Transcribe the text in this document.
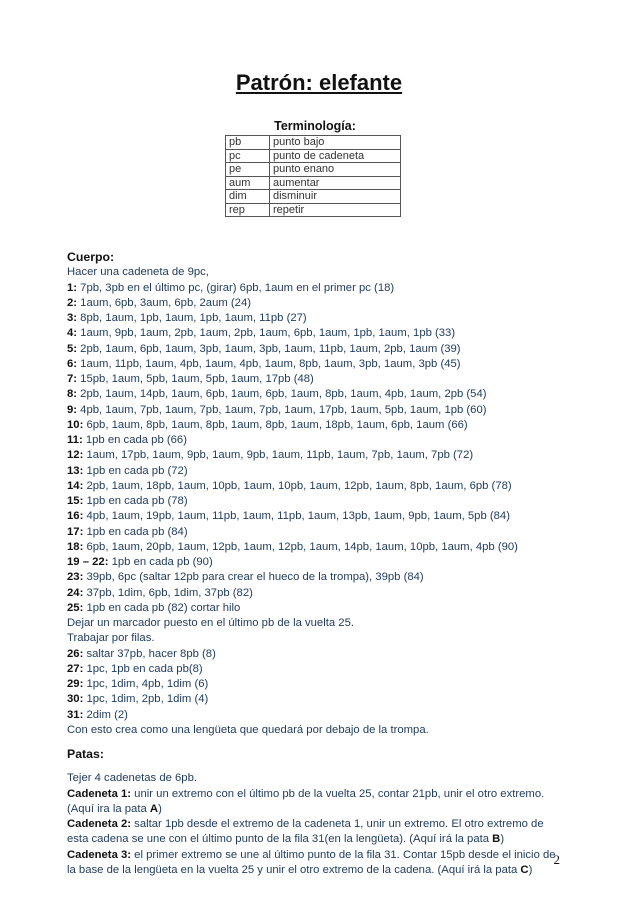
Patrón: elefante
Terminología:
pb	punto bajo
pc	punto de cadeneta
pe	punto enano
aum	aumentar
dim	disminuir
rep	repetir
Cuerpo:
Hacer una cadeneta de 9pc,
1: 7pb, 3pb en el último pc, (girar) 6pb, 1aum en el primer pc (18)
2: 1aum, 6pb, 3aum, 6pb, 2aum (24)
3: 8pb, 1aum, 1pb, 1aum, 1pb, 1aum, 11pb (27)
4: 1aum, 9pb, 1aum, 2pb, 1aum, 2pb, 1aum, 6pb, 1aum, 1pb, 1aum, 1pb (33)
5: 2pb, 1aum, 6pb, 1aum, 3pb, 1aum, 3pb, 1aum, 11pb, 1aum, 2pb, 1aum (39)
6: 1aum, 11pb, 1aum, 4pb, 1aum, 4pb, 1aum, 8pb, 1aum, 3pb, 1aum, 3pb (45)
7: 15pb, 1aum, 5pb, 1aum, 5pb, 1aum, 17pb (48)
8: 2pb, 1aum, 14pb, 1aum, 6pb, 1aum, 6pb, 1aum, 8pb, 1aum, 4pb, 1aum, 2pb (54)
9: 4pb, 1aum, 7pb, 1aum, 7pb, 1aum, 7pb, 1aum, 17pb, 1aum, 5pb, 1aum, 1pb (60)
10: 6pb, 1aum, 8pb, 1aum, 8pb, 1aum, 8pb, 1aum, 18pb, 1aum, 6pb, 1aum (66)
11: 1pb en cada pb (66)
12: 1aum, 17pb, 1aum, 9pb, 1aum, 9pb, 1aum, 11pb, 1aum, 7pb, 1aum, 7pb (72)
13: 1pb en cada pb (72)
14: 2pb, 1aum, 18pb, 1aum, 10pb, 1aum, 10pb, 1aum, 12pb, 1aum, 8pb, 1aum, 6pb (78)
15: 1pb en cada pb (78)
16: 4pb, 1aum, 19pb, 1aum, 11pb, 1aum, 11pb, 1aum, 13pb, 1aum, 9pb, 1aum, 5pb (84)
17: 1pb en cada pb (84)
18: 6pb, 1aum, 20pb, 1aum, 12pb, 1aum, 12pb, 1aum, 14pb, 1aum, 10pb, 1aum, 4pb (90)
19 – 22: 1pb en cada pb (90)
23: 39pb, 6pc (saltar 12pb para crear el hueco de la trompa), 39pb (84)
24: 37pb, 1dim, 6pb, 1dim, 37pb (82)
25: 1pb en cada pb (82) cortar hilo
Dejar un marcador puesto en el último pb de la vuelta 25.
Trabajar por filas.
26: saltar 37pb, hacer 8pb (8)
27: 1pc, 1pb en cada pb(8)
29: 1pc, 1dim, 4pb, 1dim (6)
30: 1pc, 1dim, 2pb, 1dim (4)
31: 2dim (2)
Con esto crea como una lengüeta que quedará por debajo de la trompa.
Patas:
Tejer 4 cadenetas de 6pb.
Cadeneta 1: unir un extremo con el último pb de la vuelta 25, contar 21pb, unir el otro extremo. (Aquí ira la pata A)
Cadeneta 2: saltar 1pb desde el extremo de la cadeneta 1, unir un extremo. El otro extremo de esta cadena se une con el último punto de la fila 31(en la lengüeta). (Aquí irá la pata B)
Cadeneta 3: el primer extremo se une al último punto de la fila 31. Contar 15pb desde el inicio de la base de la lengüeta en la vuelta 25 y unir el otro extremo de la cadena. (Aquí irá la pata C)
2
